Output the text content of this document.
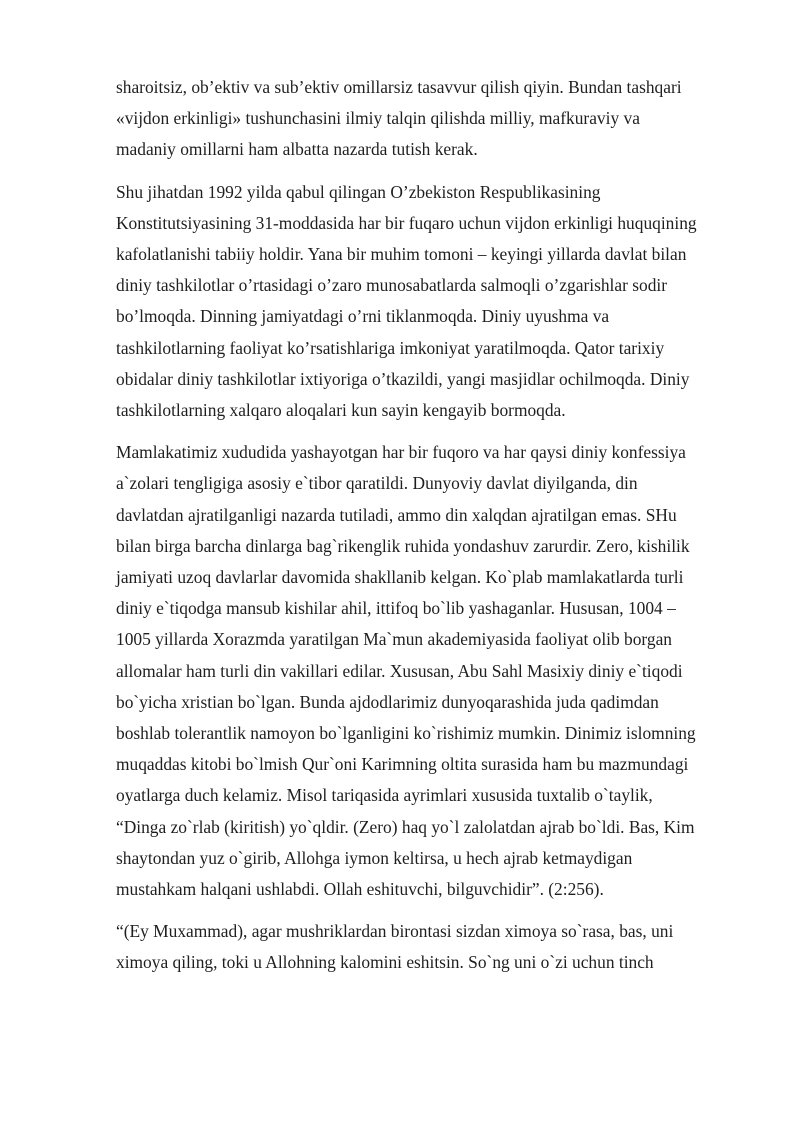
sharoitsiz, ob’ektiv va sub’ektiv omillarsiz tasavvur qilish qiyin. Bundan tashqari
«vijdon erkinligi» tushunchasini ilmiy talqin qilishda milliy, mafkuraviy va
madaniy omillarni ham albatta nazarda tutish kerak.

Shu jihatdan 1992 yilda qabul qilingan O’zbekiston Respublikasining
Konstitutsiyasining 31-moddasida har bir fuqaro uchun vijdon erkinligi huquqining
kafolatlanishi tabiiy holdir. Yana bir muhim tomoni – keyingi yillarda davlat bilan
diniy tashkilotlar o’rtasidagi o’zaro munosabatlarda salmoqli o’zgarishlar sodir
bo’lmoqda. Dinning jamiyatdagi o’rni tiklanmoqda. Diniy uyushma va
tashkilotlarning faoliyat ko’rsatishlariga imkoniyat yaratilmoqda. Qator tarixiy
obidalar diniy tashkilotlar ixtiyoriga o’tkazildi, yangi masjidlar ochilmoqda. Diniy
tashkilotlarning xalqaro aloqalari kun sayin kengayib bormoqda.

Mamlakatimiz xududida yashayotgan har bir fuqoro va har qaysi diniy konfessiya
a`zolari tengligiga asosiy e`tibor qaratildi. Dunyoviy davlat diyilganda, din
davlatdan ajratilganligi nazarda tutiladi, ammo din xalqdan ajratilgan emas. SHu
bilan birga barcha dinlarga bag`rikenglik ruhida yondashuv zarurdir. Zero, kishilik
jamiyati uzoq davlarlar davomida shakllanib kelgan. Ko`plab mamlakatlarda turli
diniy e`tiqodga mansub kishilar ahil, ittifoq bo`lib yashaganlar. Hususan, 1004 –
1005 yillarda Xorazmda yaratilgan Ma`mun akademiyasida faoliyat olib borgan
allomalar ham turli din vakillari edilar. Xususan, Abu Sahl Masixiy diniy e`tiqodi
bo`yicha xristian bo`lgan. Bunda ajdodlarimiz dunyoqarashida juda qadimdan
boshlab tolerantlik namoyon bo`lganligini ko`rishimiz mumkin. Dinimiz islomning
muqaddas kitobi bo`lmish Qur`oni Karimning oltita surasida ham bu mazmundagi
oyatlarga duch kelamiz. Misol tariqasida ayrimlari xususida tuxtalib o`taylik,
“Dinga zo`rlab (kiritish) yo`qldir. (Zero) haq yo`l zalolatdan ajrab bo`ldi. Bas, Kim
shaytondan yuz o`girib, Allohga iymon keltirsa, u hech ajrab ketmaydigan
mustahkam halqani ushlabdi. Ollah eshituvchi, bilguvchidir”. (2:256).

“(Ey Muxammad), agar mushriklardan birontasi sizdan ximoya so`rasa, bas, uni
ximoya qiling, toki u Allohning kalomini eshitsin. So`ng uni o`zi uchun tinch
